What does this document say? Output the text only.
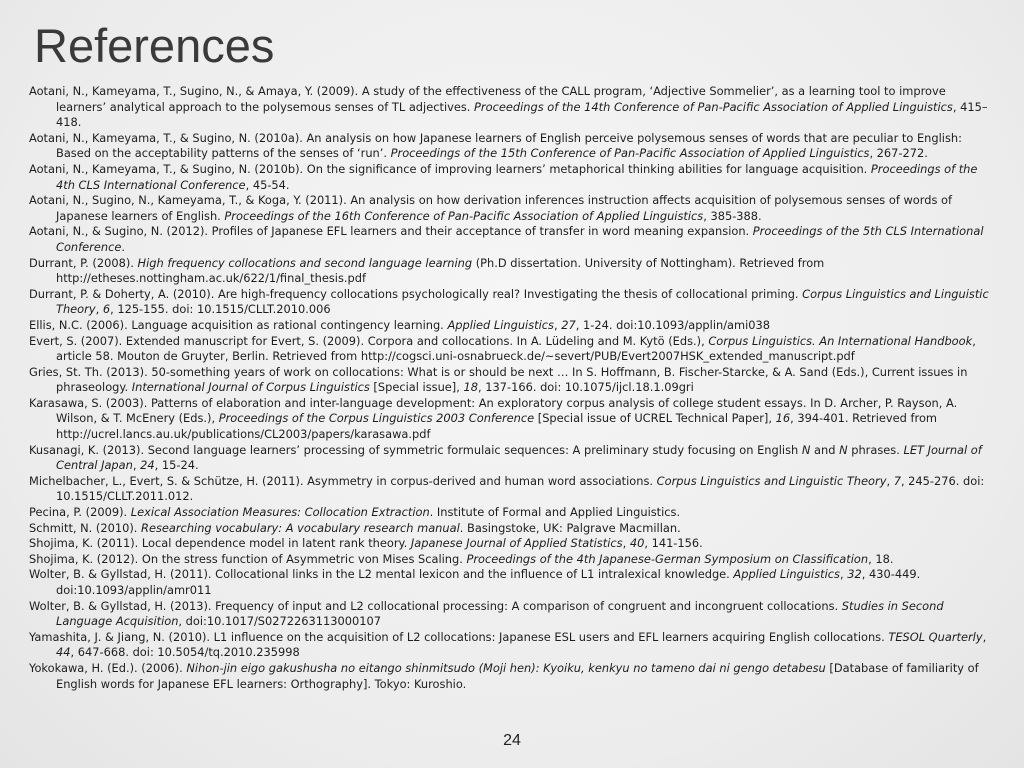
References
Aotani, N., Kameyama, T., Sugino, N., & Amaya, Y. (2009). A study of the effectiveness of the CALL program, ‘Adjective Sommelier’, as a learning tool to improve learners’ analytical approach to the polysemous senses of TL adjectives. Proceedings of the 14th Conference of Pan-Pacific Association of Applied Linguistics, 415–418.
Aotani, N., Kameyama, T., & Sugino, N. (2010a). An analysis on how Japanese learners of English perceive polysemous senses of words that are peculiar to English: Based on the acceptability patterns of the senses of ‘run’. Proceedings of the 15th Conference of Pan-Pacific Association of Applied Linguistics, 267-272.
Aotani, N., Kameyama, T., & Sugino, N. (2010b). On the significance of improving learners’ metaphorical thinking abilities for language acquisition. Proceedings of the 4th CLS International Conference, 45-54.
Aotani, N., Sugino, N., Kameyama, T., & Koga, Y. (2011). An analysis on how derivation inferences instruction affects acquisition of polysemous senses of words of Japanese learners of English. Proceedings of the 16th Conference of Pan-Pacific Association of Applied Linguistics, 385-388.
Aotani, N., & Sugino, N. (2012). Profiles of Japanese EFL learners and their acceptance of transfer in word meaning expansion. Proceedings of the 5th CLS International Conference.
Durrant, P. (2008). High frequency collocations and second language learning (Ph.D dissertation. University of Nottingham). Retrieved from http://etheses.nottingham.ac.uk/622/1/final_thesis.pdf
Durrant, P. & Doherty, A. (2010). Are high-frequency collocations psychologically real? Investigating the thesis of collocational priming. Corpus Linguistics and Linguistic Theory, 6, 125-155. doi: 10.1515/CLLT.2010.006
Ellis, N.C. (2006). Language acquisition as rational contingency learning. Applied Linguistics, 27, 1-24. doi:10.1093/applin/ami038
Evert, S. (2007). Extended manuscript for Evert, S. (2009). Corpora and collocations. In A. Lüdeling and M. Kytö (Eds.), Corpus Linguistics. An International Handbook, article 58. Mouton de Gruyter, Berlin. Retrieved from http://cogsci.uni-osnabrueck.de/~severt/PUB/Evert2007HSK_extended_manuscript.pdf
Gries, St. Th. (2013). 50-something years of work on collocations: What is or should be next … In S. Hoffmann, B. Fischer-Starcke, & A. Sand (Eds.), Current issues in phraseology. International Journal of Corpus Linguistics [Special issue], 18, 137-166. doi: 10.1075/ijcl.18.1.09gri
Karasawa, S. (2003). Patterns of elaboration and inter-language development: An exploratory corpus analysis of college student essays. In D. Archer, P. Rayson, A. Wilson, & T. McEnery (Eds.), Proceedings of the Corpus Linguistics 2003 Conference [Special issue of UCREL Technical Paper], 16, 394-401. Retrieved from http://ucrel.lancs.au.uk/publications/CL2003/papers/karasawa.pdf
Kusanagi, K. (2013). Second language learners’ processing of symmetric formulaic sequences: A preliminary study focusing on English N and N phrases. LET Journal of Central Japan, 24, 15-24.
Michelbacher, L., Evert, S. & Schütze, H. (2011). Asymmetry in corpus-derived and human word associations. Corpus Linguistics and Linguistic Theory, 7, 245-276. doi: 10.1515/CLLT.2011.012.
Pecina, P. (2009). Lexical Association Measures: Collocation Extraction. Institute of Formal and Applied Linguistics.
Schmitt, N. (2010). Researching vocabulary: A vocabulary research manual. Basingstoke, UK: Palgrave Macmillan.
Shojima, K. (2011). Local dependence model in latent rank theory. Japanese Journal of Applied Statistics, 40, 141-156.
Shojima, K. (2012). On the stress function of Asymmetric von Mises Scaling. Proceedings of the 4th Japanese-German Symposium on Classification, 18.
Wolter, B. & Gyllstad, H. (2011). Collocational links in the L2 mental lexicon and the influence of L1 intralexical knowledge. Applied Linguistics, 32, 430-449. doi:10.1093/applin/amr011
Wolter, B. & Gyllstad, H. (2013). Frequency of input and L2 collocational processing: A comparison of congruent and incongruent collocations. Studies in Second Language Acquisition, doi:10.1017/S0272263113000107
Yamashita, J. & Jiang, N. (2010). L1 influence on the acquisition of L2 collocations: Japanese ESL users and EFL learners acquiring English collocations. TESOL Quarterly, 44, 647-668. doi: 10.5054/tq.2010.235998
Yokokawa, H. (Ed.). (2006). Nihon-jin eigo gakushusha no eitango shinmitsudo (Moji hen): Kyoiku, kenkyu no tameno dai ni gengo detabesu [Database of familiarity of English words for Japanese EFL learners: Orthography]. Tokyo: Kuroshio.
24
